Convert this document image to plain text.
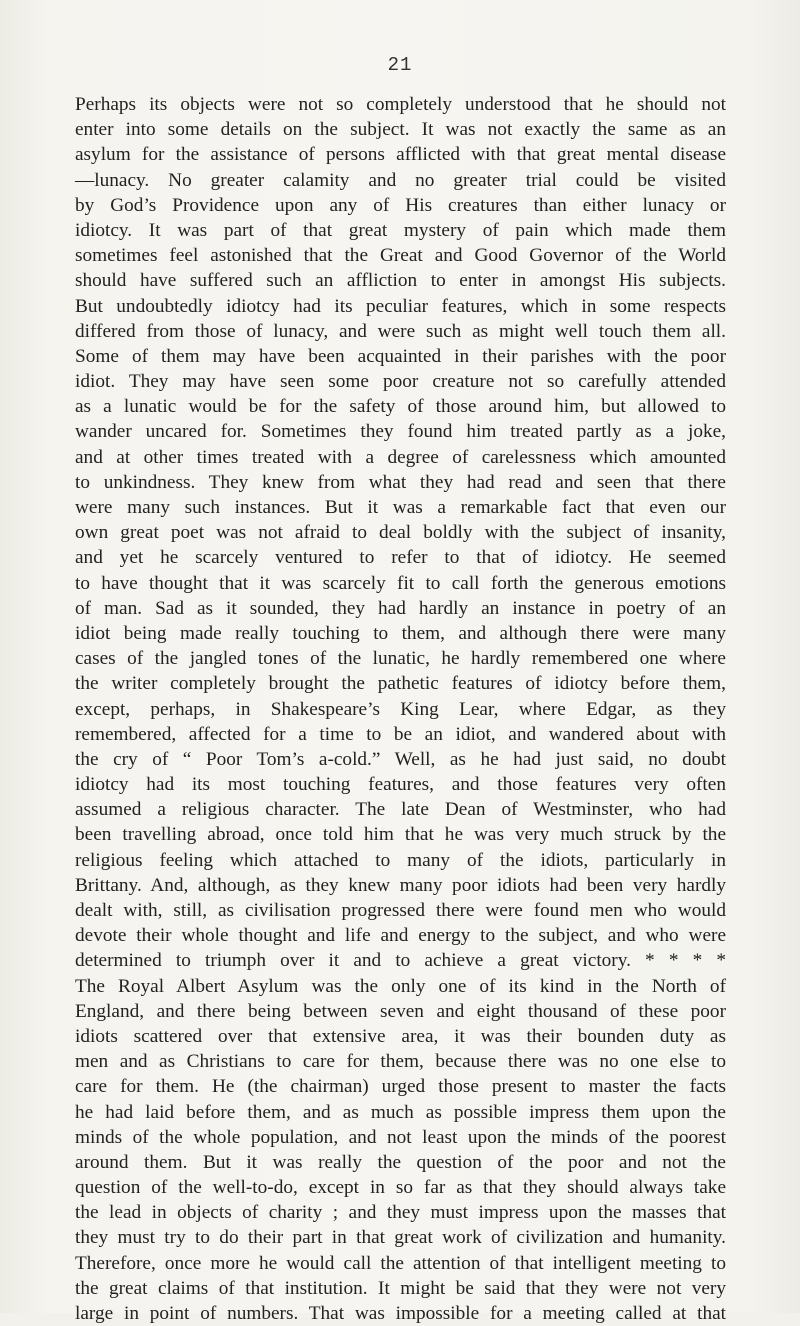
21
Perhaps its objects were not so completely understood that he should not
enter into some details on the subject. It was not exactly the same as an
asylum for the assistance of persons afflicted with that great mental disease
—lunacy. No greater calamity and no greater trial could be visited
by God’s Providence upon any of His creatures than either lunacy or
idiotcy. It was part of that great mystery of pain which made them
sometimes feel astonished that the Great and Good Governor of the World
should have suffered such an affliction to enter in amongst His subjects.
But undoubtedly idiotcy had its peculiar features, which in some respects
differed from those of lunacy, and were such as might well touch them all.
Some of them may have been acquainted in their parishes with the poor
idiot. They may have seen some poor creature not so carefully attended
as a lunatic would be for the safety of those around him, but allowed to
wander uncared for. Sometimes they found him treated partly as a joke,
and at other times treated with a degree of carelessness which amounted
to unkindness. They knew from what they had read and seen that there
were many such instances. But it was a remarkable fact that even our
own great poet was not afraid to deal boldly with the subject of insanity,
and yet he scarcely ventured to refer to that of idiotcy. He seemed
to have thought that it was scarcely fit to call forth the generous emotions
of man. Sad as it sounded, they had hardly an instance in poetry of an
idiot being made really touching to them, and although there were many
cases of the jangled tones of the lunatic, he hardly remembered one where
the writer completely brought the pathetic features of idiotcy before them,
except, perhaps, in Shakespeare’s King Lear, where Edgar, as they
remembered, affected for a time to be an idiot, and wandered about with
the cry of “ Poor Tom’s a-cold.” Well, as he had just said, no doubt
idiotcy had its most touching features, and those features very often
assumed a religious character. The late Dean of Westminster, who had
been travelling abroad, once told him that he was very much struck by the
religious feeling which attached to many of the idiots, particularly in
Brittany. And, although, as they knew many poor idiots had been very hardly
dealt with, still, as civilisation progressed there were found men who would
devote their whole thought and life and energy to the subject, and who were
determined to triumph over it and to achieve a great victory. * * * *
The Royal Albert Asylum was the only one of its kind in the North of
England, and there being between seven and eight thousand of these poor
idiots scattered over that extensive area, it was their bounden duty as
men and as Christians to care for them, because there was no one else to
care for them. He (the chairman) urged those present to master the facts
he had laid before them, and as much as possible impress them upon the
minds of the whole population, and not least upon the minds of the poorest
around them. But it was really the question of the poor and not the
question of the well-to-do, except in so far as that they should always take
the lead in objects of charity ; and they must impress upon the masses that
they must try to do their part in that great work of civilization and humanity.
Therefore, once more he would call the attention of that intelligent meeting to
the great claims of that institution. It might be said that they were not very
large in point of numbers. That was impossible for a meeting called at that
